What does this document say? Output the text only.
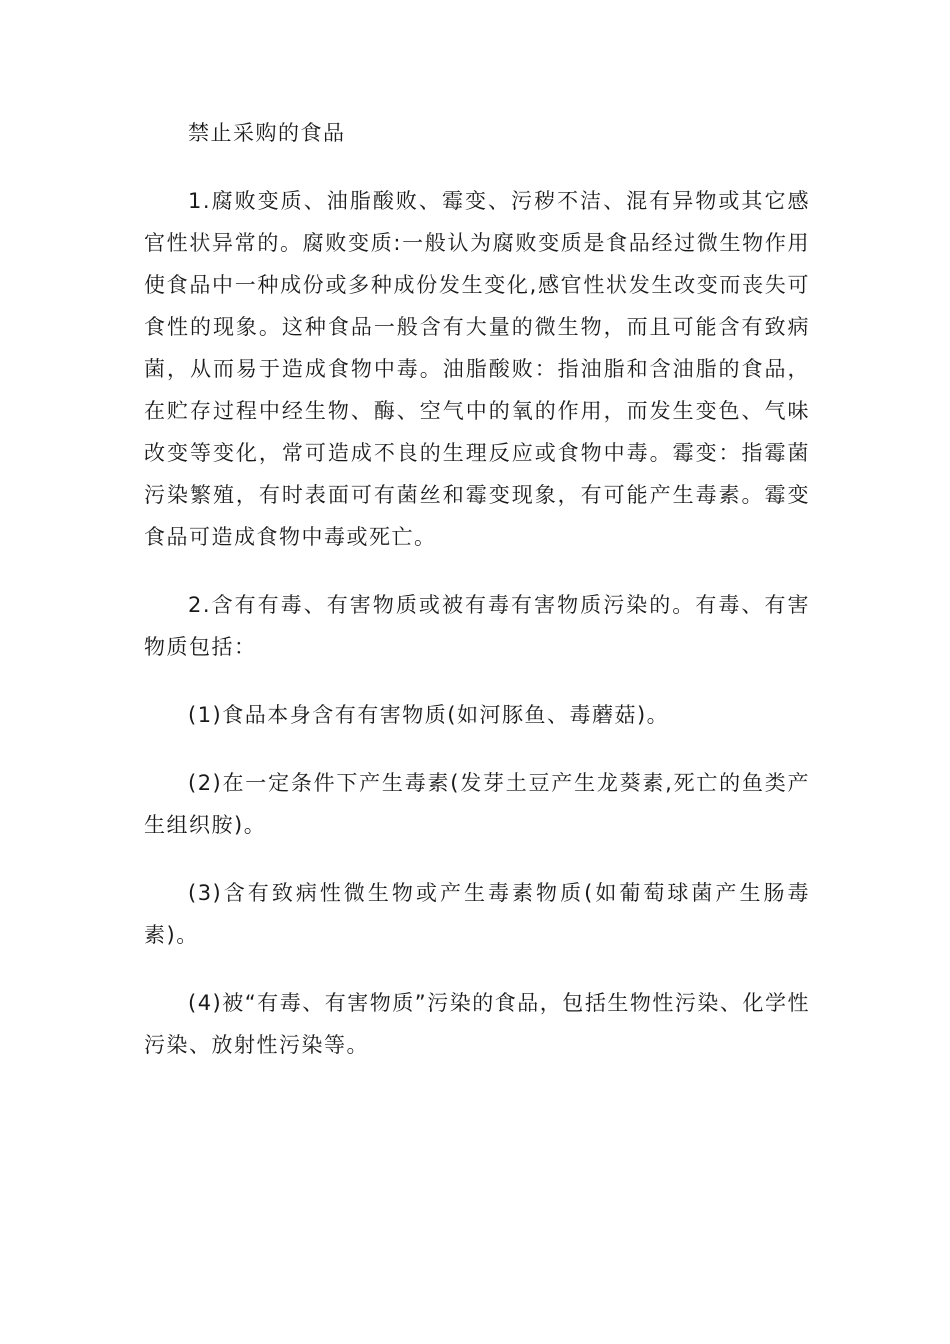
禁止采购的食品

1.腐败变质、油脂酸败、霉变、污秽不洁、混有异物或其它感官性状异常的。腐败变质:一般认为腐败变质是食品经过微生物作用使食品中一种成份或多种成份发生变化,感官性状发生改变而丧失可食性的现象。这种食品一般含有大量的微生物，而且可能含有致病菌，从而易于造成食物中毒。油脂酸败：指油脂和含油脂的食品，在贮存过程中经生物、酶、空气中的氧的作用，而发生变色、气味改变等变化，常可造成不良的生理反应或食物中毒。霉变：指霉菌污染繁殖，有时表面可有菌丝和霉变现象，有可能产生毒素。霉变食品可造成食物中毒或死亡。

2.含有有毒、有害物质或被有毒有害物质污染的。有毒、有害物质包括：

(1)食品本身含有有害物质(如河豚鱼、毒蘑菇)。

(2)在一定条件下产生毒素(发芽土豆产生龙葵素,死亡的鱼类产生组织胺)。

(3)含有致病性微生物或产生毒素物质(如葡萄球菌产生肠毒素)。

(4)被“有毒、有害物质”污染的食品，包括生物性污染、化学性污染、放射性污染等。
